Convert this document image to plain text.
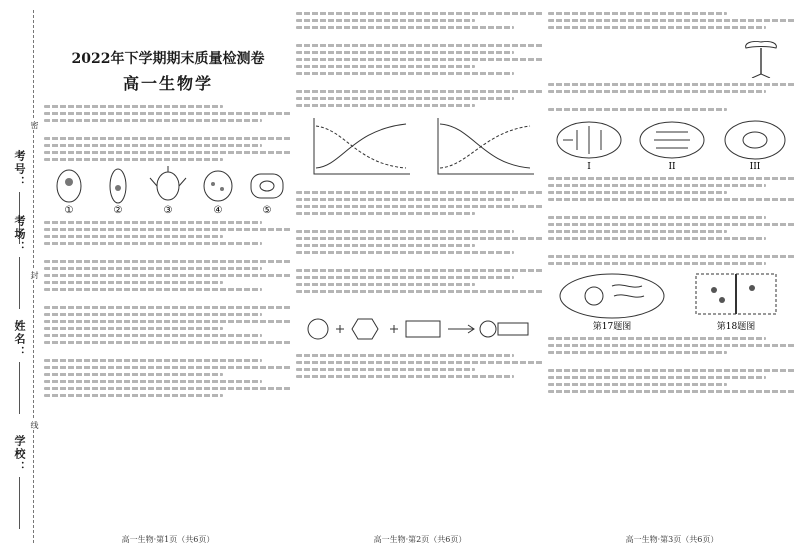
密
封
线
考号：
考场：
姓名：
学校：
2022年下学期期末质量检测卷
高一生物学
①	②	③	④	⑤
I	II	III
第17题图	第18题图
高一生物·第1页（共6页）	高一生物·第2页（共6页）	高一生物·第3页（共6页）
